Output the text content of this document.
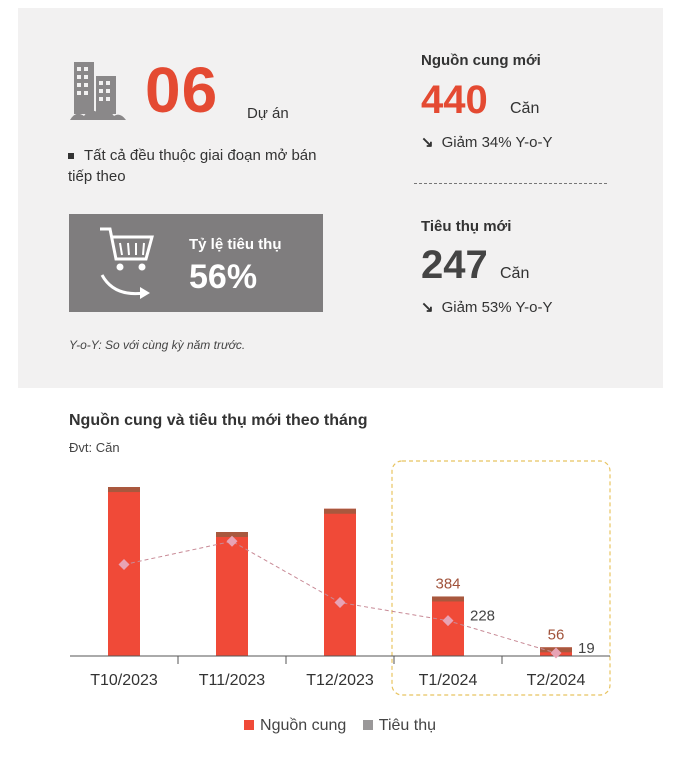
06 Dự án
Tất cả đều thuộc giai đoạn mở bán tiếp theo
Tỷ lệ tiêu thụ
56%
Y-o-Y: So với cùng kỳ năm trước.
Nguồn cung mới
440 Căn
↘ Giảm 34% Y-o-Y
Tiêu thụ mới
247 Căn
↘ Giảm 53% Y-o-Y
Nguồn cung và tiêu thụ mới theo tháng
Đvt: Căn
384
56
228
19
T10/2023	T11/2023	T12/2023	T1/2024	T2/2024
Nguồn cung Tiêu thụ
